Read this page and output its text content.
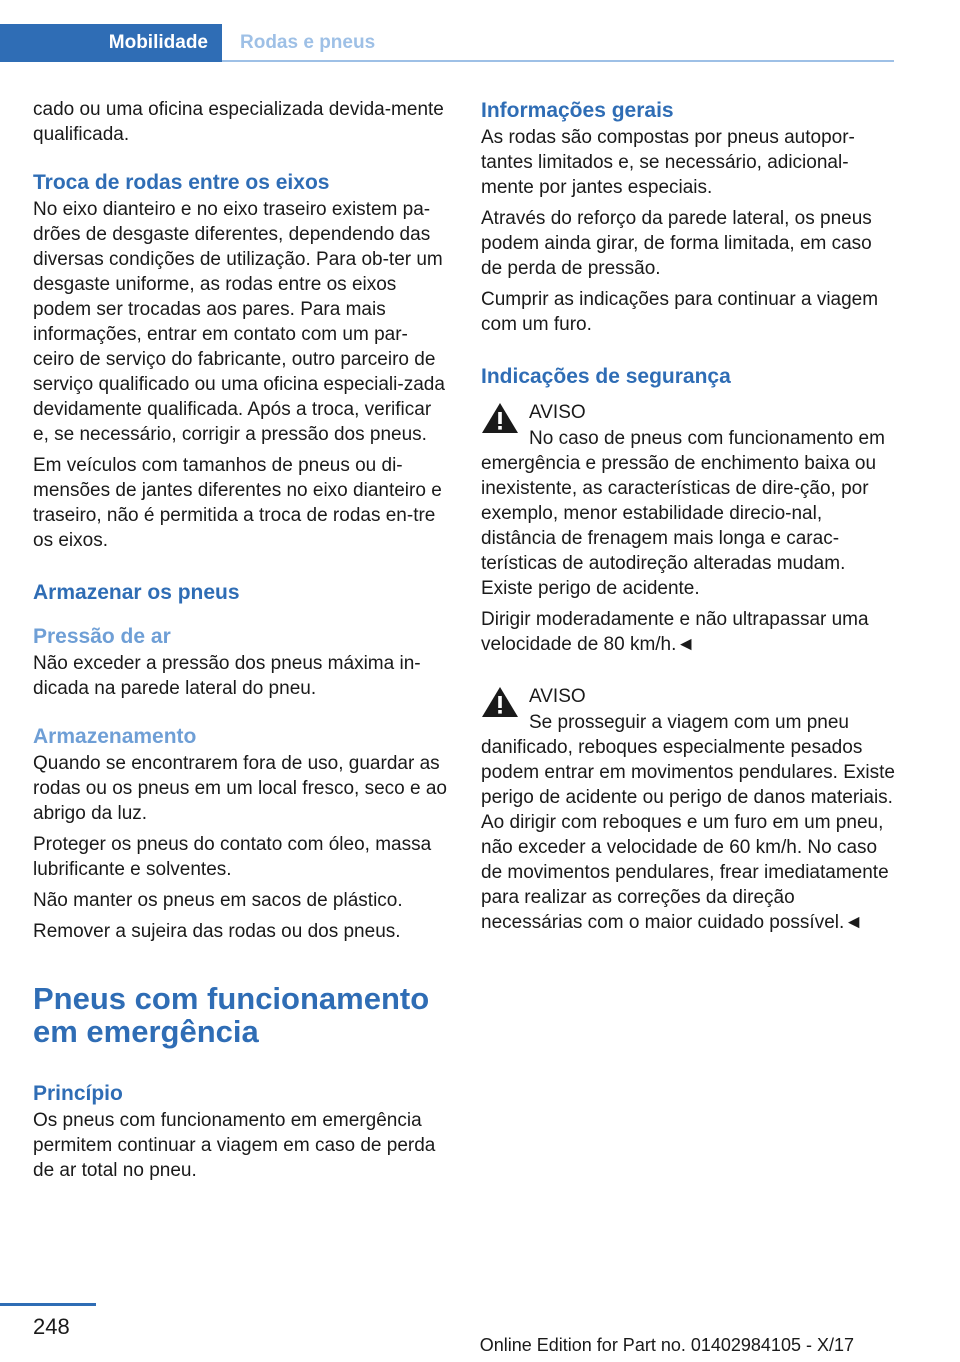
Mobilidade	Rodas e pneus

cado ou uma oficina especializada devida-mente qualificada.

Troca de rodas entre os eixos

No eixo dianteiro e no eixo traseiro existem pa-drões de desgaste diferentes, dependendo das diversas condições de utilização. Para ob-ter um desgaste uniforme, as rodas entre os eixos podem ser trocadas aos pares. Para mais informações, entrar em contato com um par-ceiro de serviço do fabricante, outro parceiro de serviço qualificado ou uma oficina especiali-zada devidamente qualificada. Após a troca, verificar e, se necessário, corrigir a pressão dos pneus.

Em veículos com tamanhos de pneus ou di-mensões de jantes diferentes no eixo dianteiro e traseiro, não é permitida a troca de rodas en-tre os eixos.

Armazenar os pneus
Pressão de ar

Não exceder a pressão dos pneus máxima in-dicada na parede lateral do pneu.

Armazenamento

Quando se encontrarem fora de uso, guardar as rodas ou os pneus em um local fresco, seco e ao abrigo da luz.

Proteger os pneus do contato com óleo, massa lubrificante e solventes.

Não manter os pneus em sacos de plástico.

Remover a sujeira das rodas ou dos pneus.

Pneus com funcionamento em emergência
Princípio

Os pneus com funcionamento em emergência permitem continuar a viagem em caso de perda de ar total no pneu.

Informações gerais

As rodas são compostas por pneus autopor-tantes limitados e, se necessário, adicional-mente por jantes especiais.

Através do reforço da parede lateral, os pneus podem ainda girar, de forma limitada, em caso de perda de pressão.

Cumprir as indicações para continuar a viagem com um furo.

Indicações de segurança
AVISO

No caso de pneus com funcionamento em emergência e pressão de enchimento baixa ou inexistente, as características de dire-ção, por exemplo, menor estabilidade direcio-nal, distância de frenagem mais longa e carac-terísticas de autodireção alteradas mudam. Existe perigo de acidente.

Dirigir moderadamente e não ultrapassar uma velocidade de 80 km/h.◄

AVISO

Se prosseguir a viagem com um pneu danificado, reboques especialmente pesados podem entrar em movimentos pendulares. Existe perigo de acidente ou perigo de danos materiais. Ao dirigir com reboques e um furo em um pneu, não exceder a velocidade de 60 km/h. No caso de movimentos pendulares, frear imediatamente para realizar as correções da direção necessárias com o maior cuidado possível.◄

248
Online Edition for Part no. 01402984105 - X/17
